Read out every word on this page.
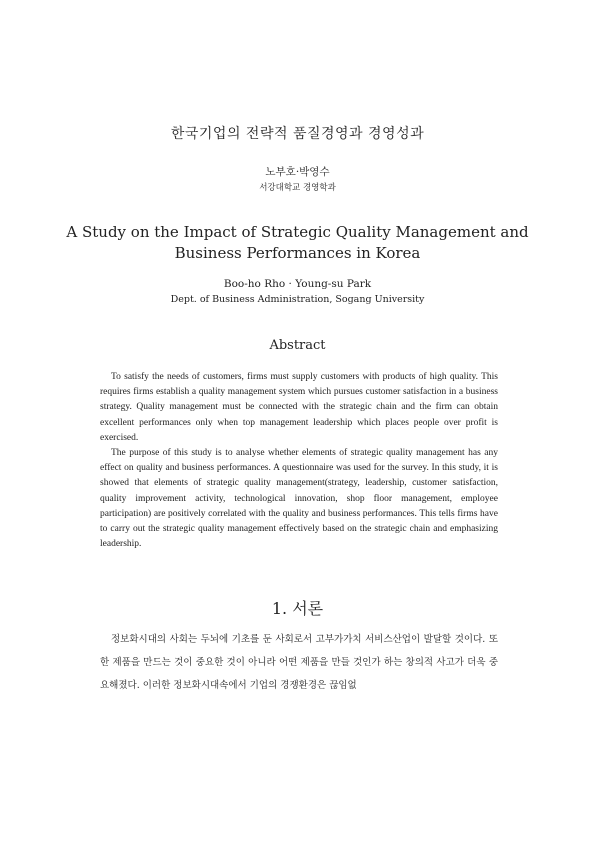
한국기업의 전략적 품질경영과 경영성과
노부호·박영수
서강대학교 경영학과
A Study on the Impact of Strategic Quality Management and
Business Performances in Korea
Boo-ho Rho · Young-su Park
Dept. of Business Administration, Sogang University
Abstract

To satisfy the needs of customers, firms must supply customers with products of high quality. This requires firms establish a quality management system which pursues customer satisfaction in a business strategy. Quality management must be connected with the strategic chain and the firm can obtain excellent performances only when top management leadership which places people over profit is exercised.

The purpose of this study is to analyse whether elements of strategic quality management has any effect on quality and business performances. A questionnaire was used for the survey. In this study, it is showed that elements of strategic quality management(strategy, leadership, customer satisfaction, quality improvement activity, technological innovation, shop floor management, employee participation) are positively correlated with the quality and business performances. This tells firms have to carry out the strategic quality management effectively based on the strategic chain and emphasizing leadership.

1. 서론

정보화시대의 사회는 두뇌에 기초를 둔 사회로서 고부가가치 서비스산업이 발달할 것이다. 또한 제품을 만드는 것이 중요한 것이 아니라 어떤 제품을 만들 것인가 하는 창의적 사고가 더욱 중요해졌다. 이러한 정보화시대속에서 기업의 경쟁환경은 끊임없
